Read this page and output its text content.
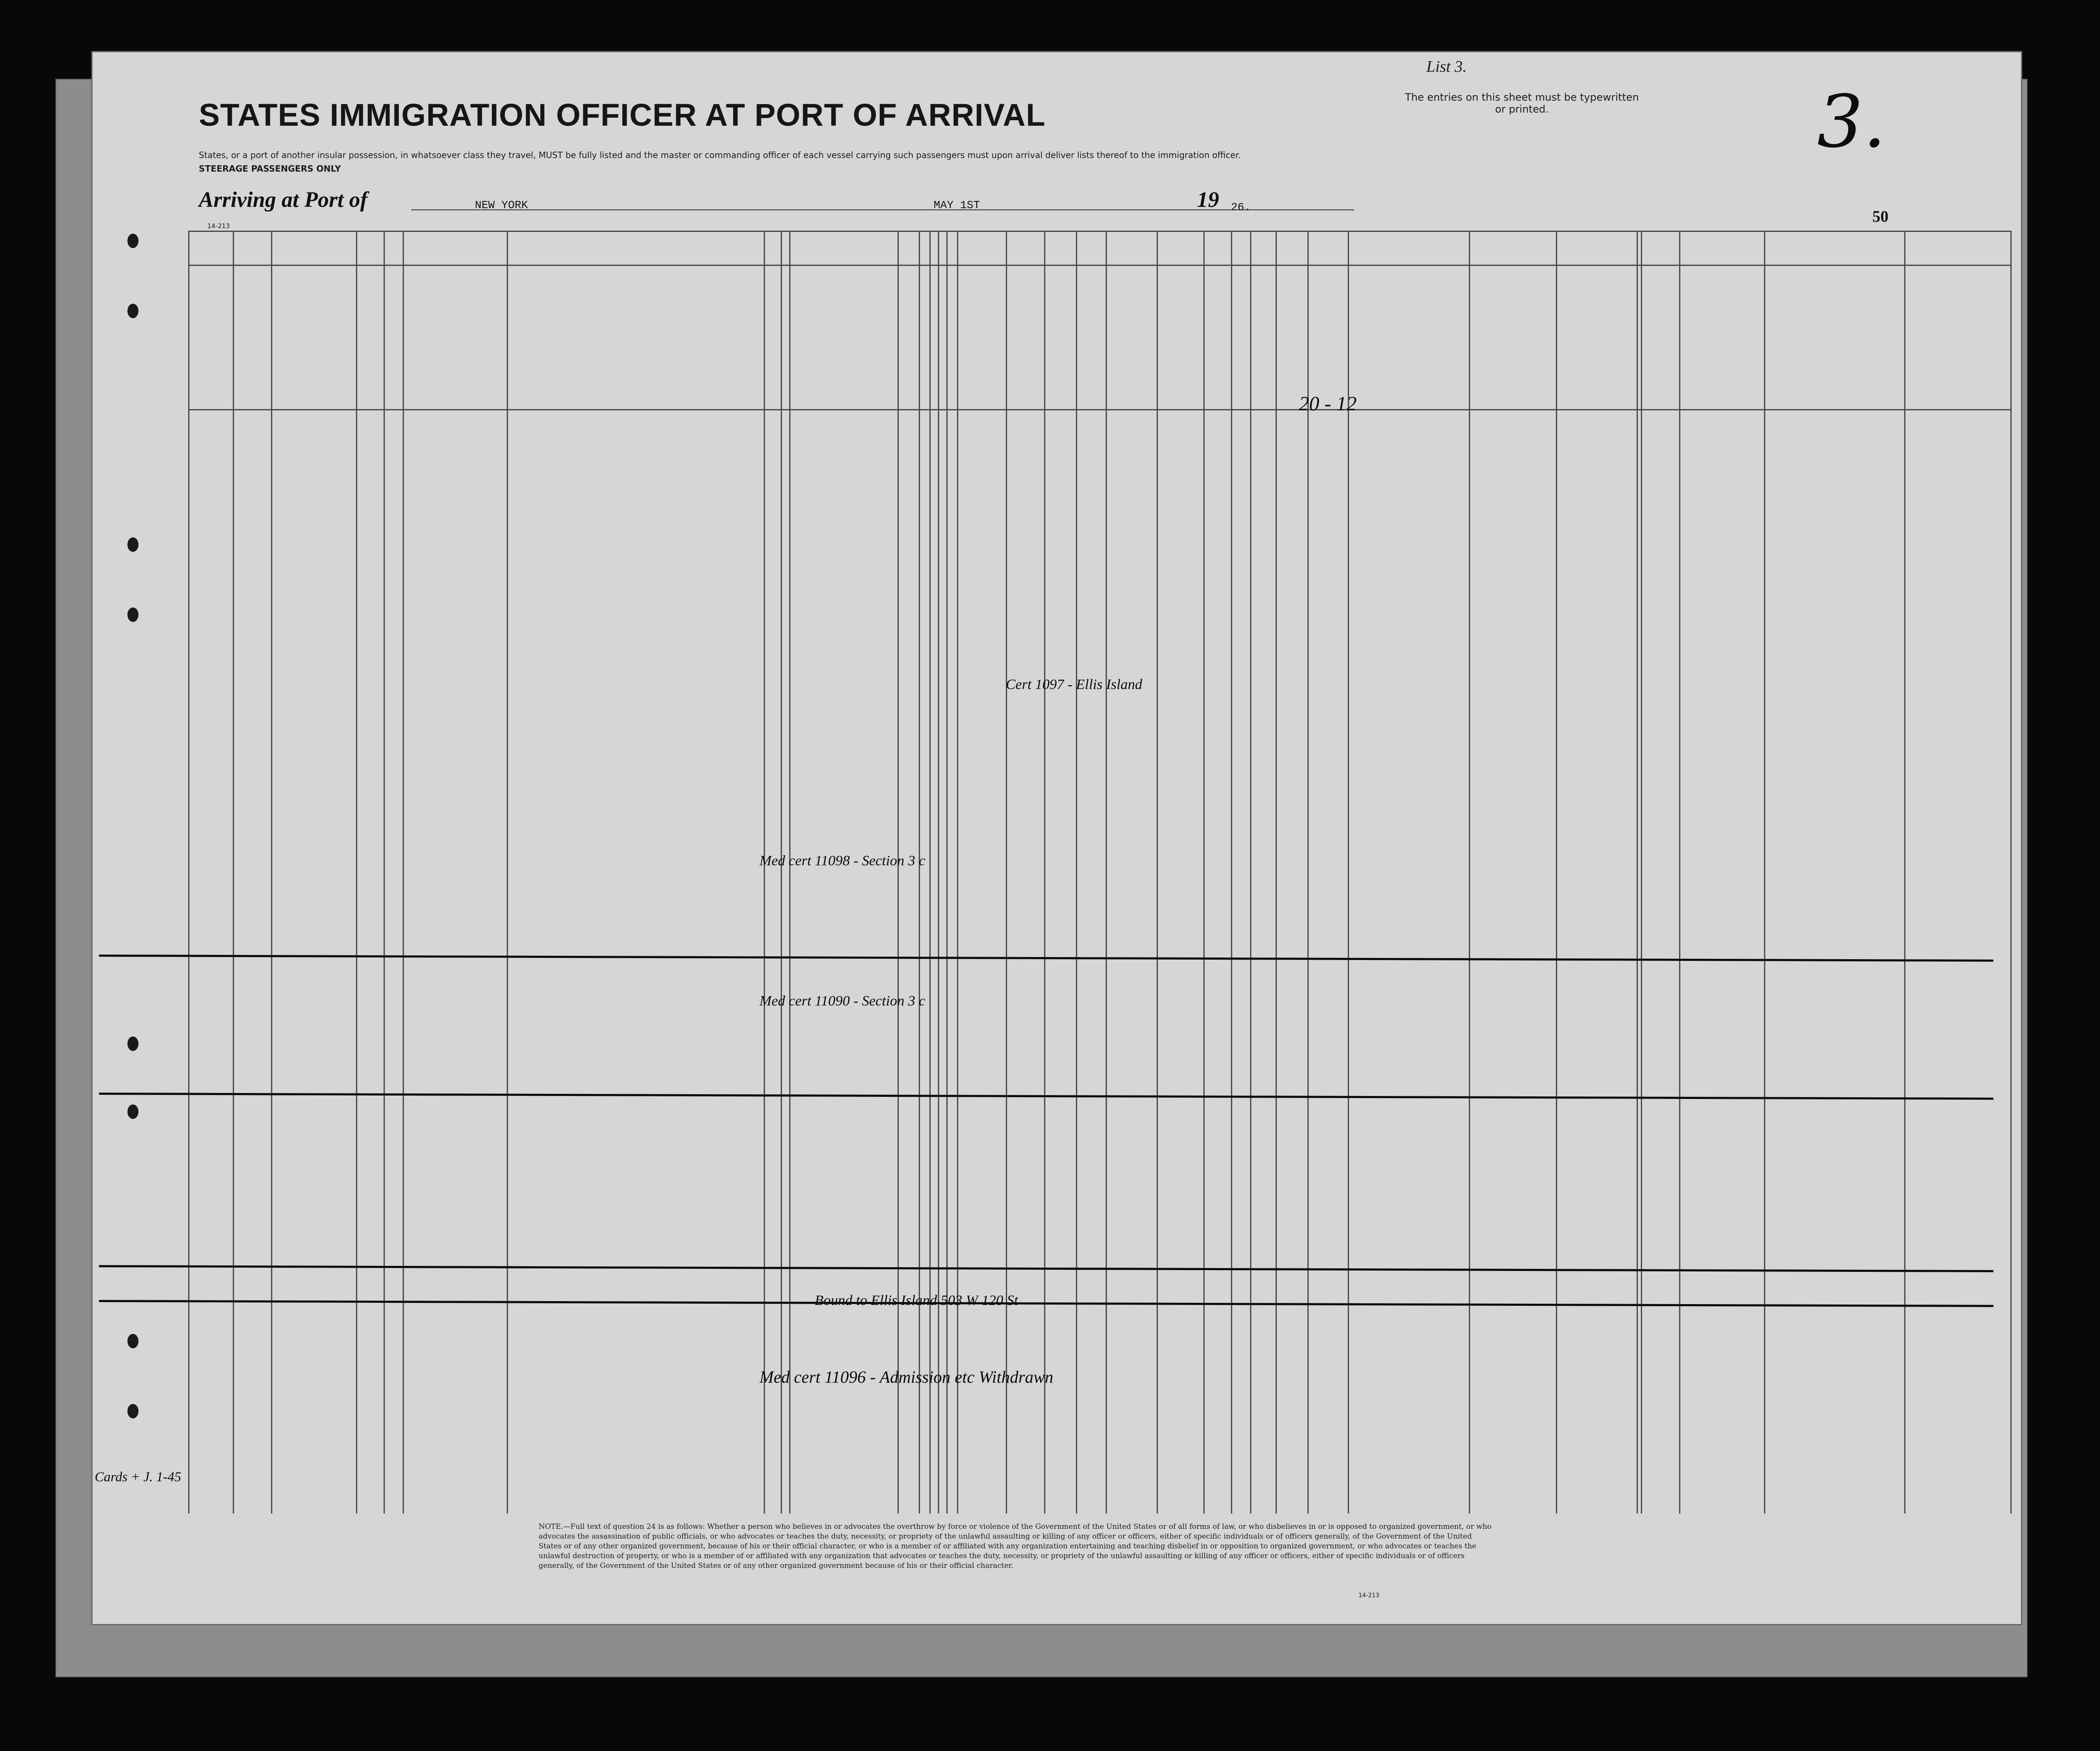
List 3.
The entries on this sheet must be typewritten or printed.	3.
STATES IMMIGRATION OFFICER AT PORT OF ARRIVAL
States, or a port of another insular possession, in whatsoever class they travel, MUST be fully listed and the master or commanding officer of each vessel carrying such passengers must upon arrival deliver lists thereof to the immigration officer.
STEERAGE PASSENGERS ONLY
Arriving at Port of	NEW YORK	MAY 1ST	19 26.
14-213
50
20 - 12
Cert 1097 - Ellis Island
Med cert 11098 - Section 3 c
Med cert 11090 - Section 3 c
Bound to Ellis Island 503 W 120 St
Med cert 11096 - Admission etc Withdrawn
Cards + J. 1-45
NOTE.—Full text of question 24 is as follows: Whether a person who believes in or advocates the overthrow by force or violence of the Government of the United States or of all forms of law, or who disbelieves in or is opposed to organized government, or who advocates the assassination of public officials, or who advocates or teaches the duty, necessity, or propriety of the unlawful assaulting or killing of any officer or officers, either of specific individuals or of officers generally, of the Government of the United States or of any other organized government, because of his or their official character, or who is a member of or affiliated with any organization entertaining and teaching disbelief in or opposition to organized government, or who advocates or teaches the unlawful destruction of property, or who is a member of or affiliated with any organization that advocates or teaches the duty, necessity, or propriety of the unlawful assaulting or killing of any officer or officers, either of specific individuals or of officers generally, of the Government of the United States or of any other organized government because of his or their official character.
14-213
